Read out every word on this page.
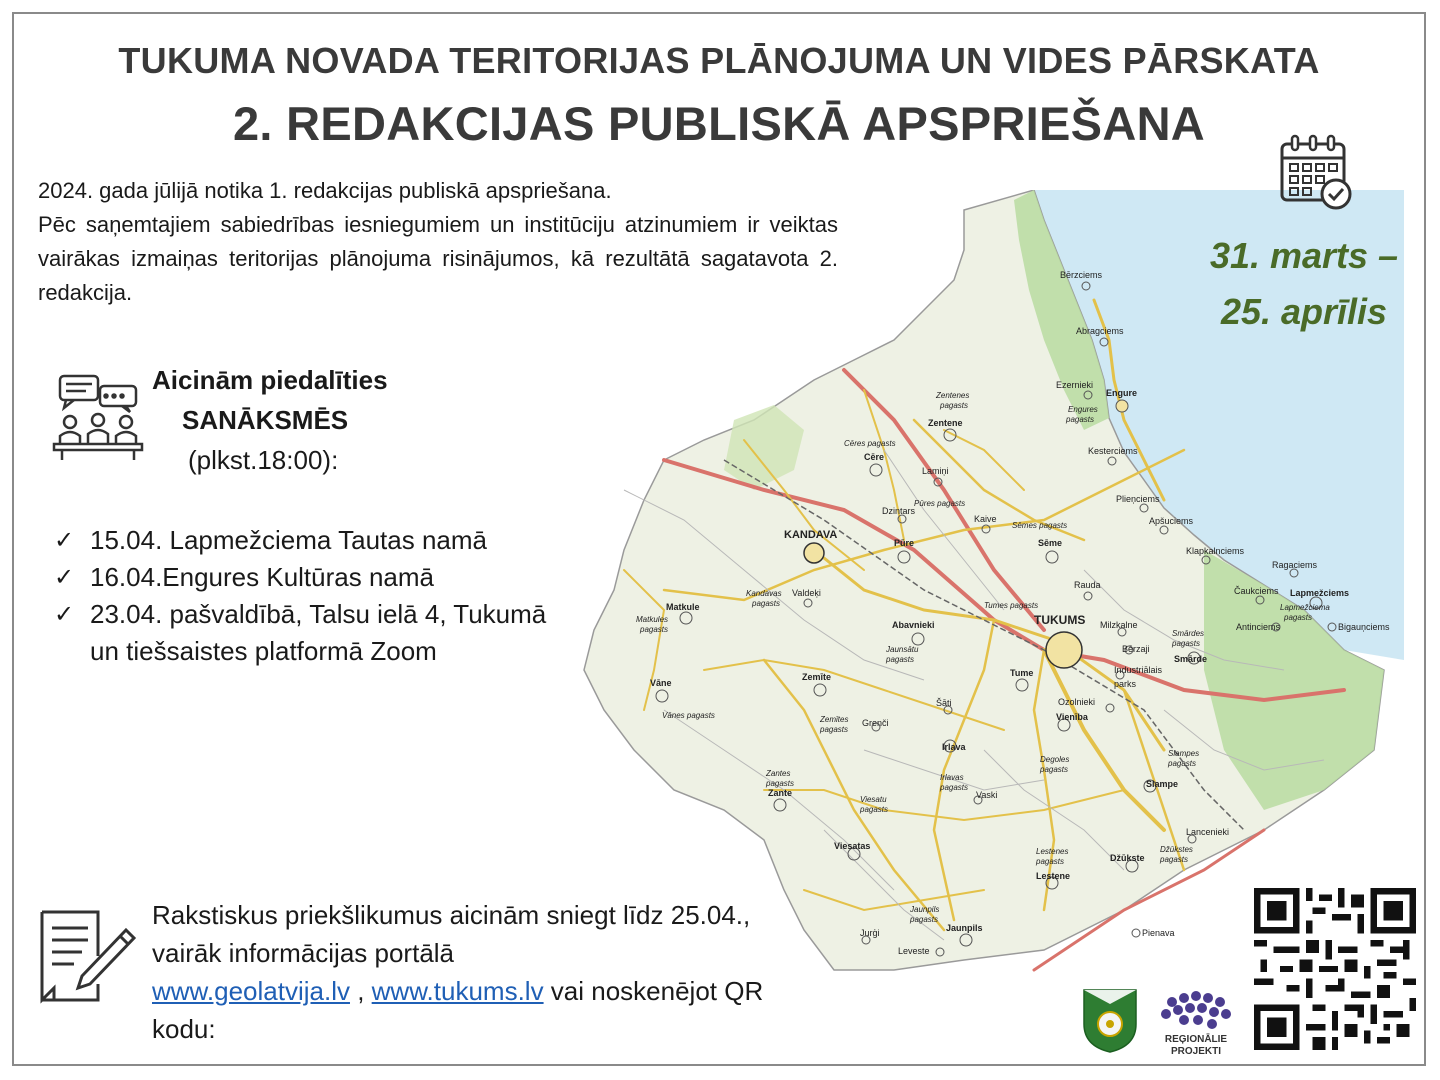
TUKUMA NOVADA TERITORIJAS PLĀNOJUMA UN VIDES PĀRSKATA
2. REDAKCIJAS PUBLISKĀ APSPRIEŠANA
Bērzciems
Abragciems
Ezernieki
Engure
Zentene
Cēre
Kesterciems
Lamiņi
Dzintars
Plieņciems
Apšuciems
KANDAVA
Kaive
Pūre	Sēme
Klapkalnciems
Ragaciems
Valdeķi
Rauda
Čaukciems Lapmežciems
Matkule
Antinciems	Bigauņciems
Abavnieki	TUKUMS Milzkalne
Bērzaji
Smārde
Industriālais
parks
Vāne
Zemīte	Tume
Ozolnieki
Šāti
Vienība
Grenči
Irlava
Zante	Vaski
Slampe
Lancenieki
Viesatas
Džūkste
Lestene
Jurģi	Jaunpils	Pienava
Leveste
Zentenes
pagasts
Cēres pagasts
Engures
pagasts
Pūres pagasts
Sēmes pagasts
Kandavas
pagasts
Matkules
pagasts
Tumes pagasts
Smārdes
pagasts
Lapmežciema
pagasts
Jaunsātu
pagasts
Vānes pagasts	Zemītes
pagasts
Degoles
pagasts
Zantes
pagasts
Irlavas
pagasts
Slampes
pagasts
Viesatu
pagasts
Lestenes
pagasts
Džūkstes
pagasts
Jaunpils
pagasts

2024. gada jūlijā notika 1. redakcijas publiskā apspriešana.

Pēc saņemtajiem sabiedrības iesniegumiem un institūciju atzinumiem ir veiktas vairākas izmaiņas teritorijas plānojuma risinājumos, kā rezultātā sagatavota 2. redakcija.

31. marts –
25. aprīlis
Aicinām piedalīties
SANĀKSMĒS
(plkst.18:00):
✓ 15.04. Lapmežciema Tautas namā
✓ 16.04.Engures Kultūras namā
✓ 23.04. pašvaldībā, Talsu ielā 4, Tukumā un tiešsaistes platformā Zoom
Rakstiskus priekšlikumus aicinām sniegt līdz 25.04., vairāk informācijas portālā
www.geolatvija.lv , www.tukums.lv vai noskenējot QR kodu:	REĢIONĀLIE
PROJEKTI
